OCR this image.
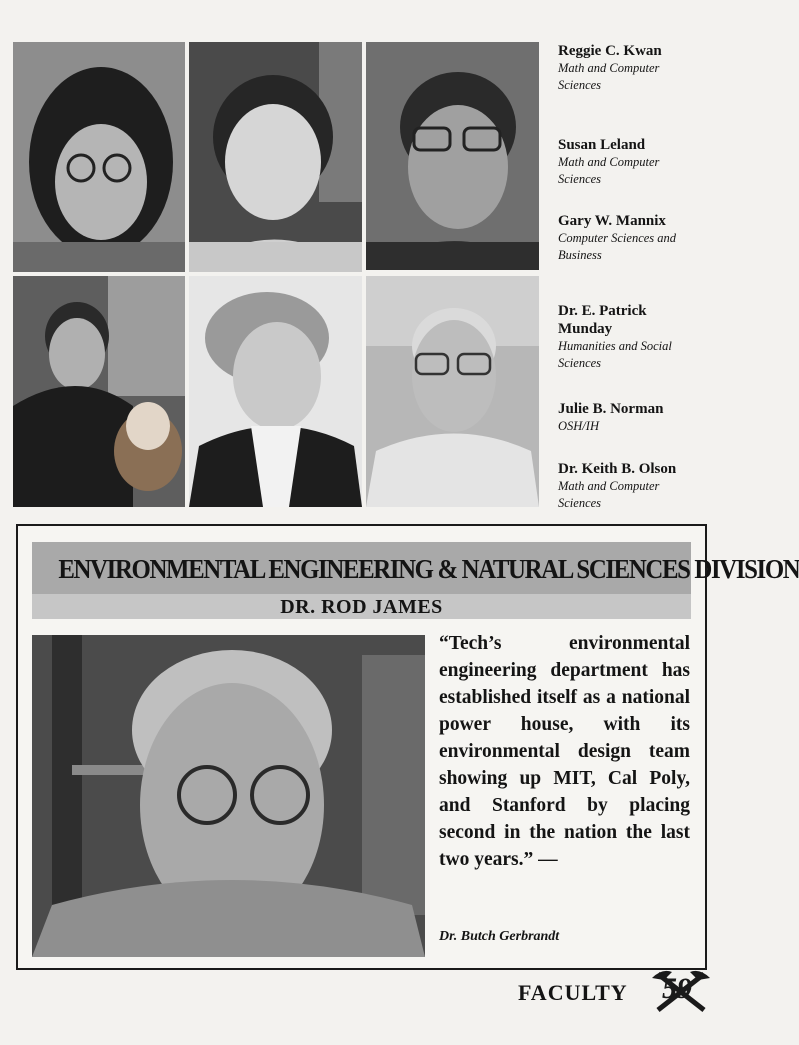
Reggie C. Kwan
Math and Computer Sciences
Susan Leland
Math and Computer Sciences
Gary W. Mannix
Computer Sciences and Business
Dr. E. Patrick Munday
Humanities and Social Sciences
Julie B. Norman
OSH/IH
Dr. Keith B. Olson
Math and Computer Sciences
ENVIRONMENTAL ENGINEERING & NATURAL SCIENCES DIVISION
DR. ROD JAMES
“Tech’s environmental engineering department has established itself as a national power house, with its environmental design team showing up MIT, Cal Poly, and Stanford by placing second in the nation the last two years.” —
Dr. Butch Gerbrandt
FACULTY 59
